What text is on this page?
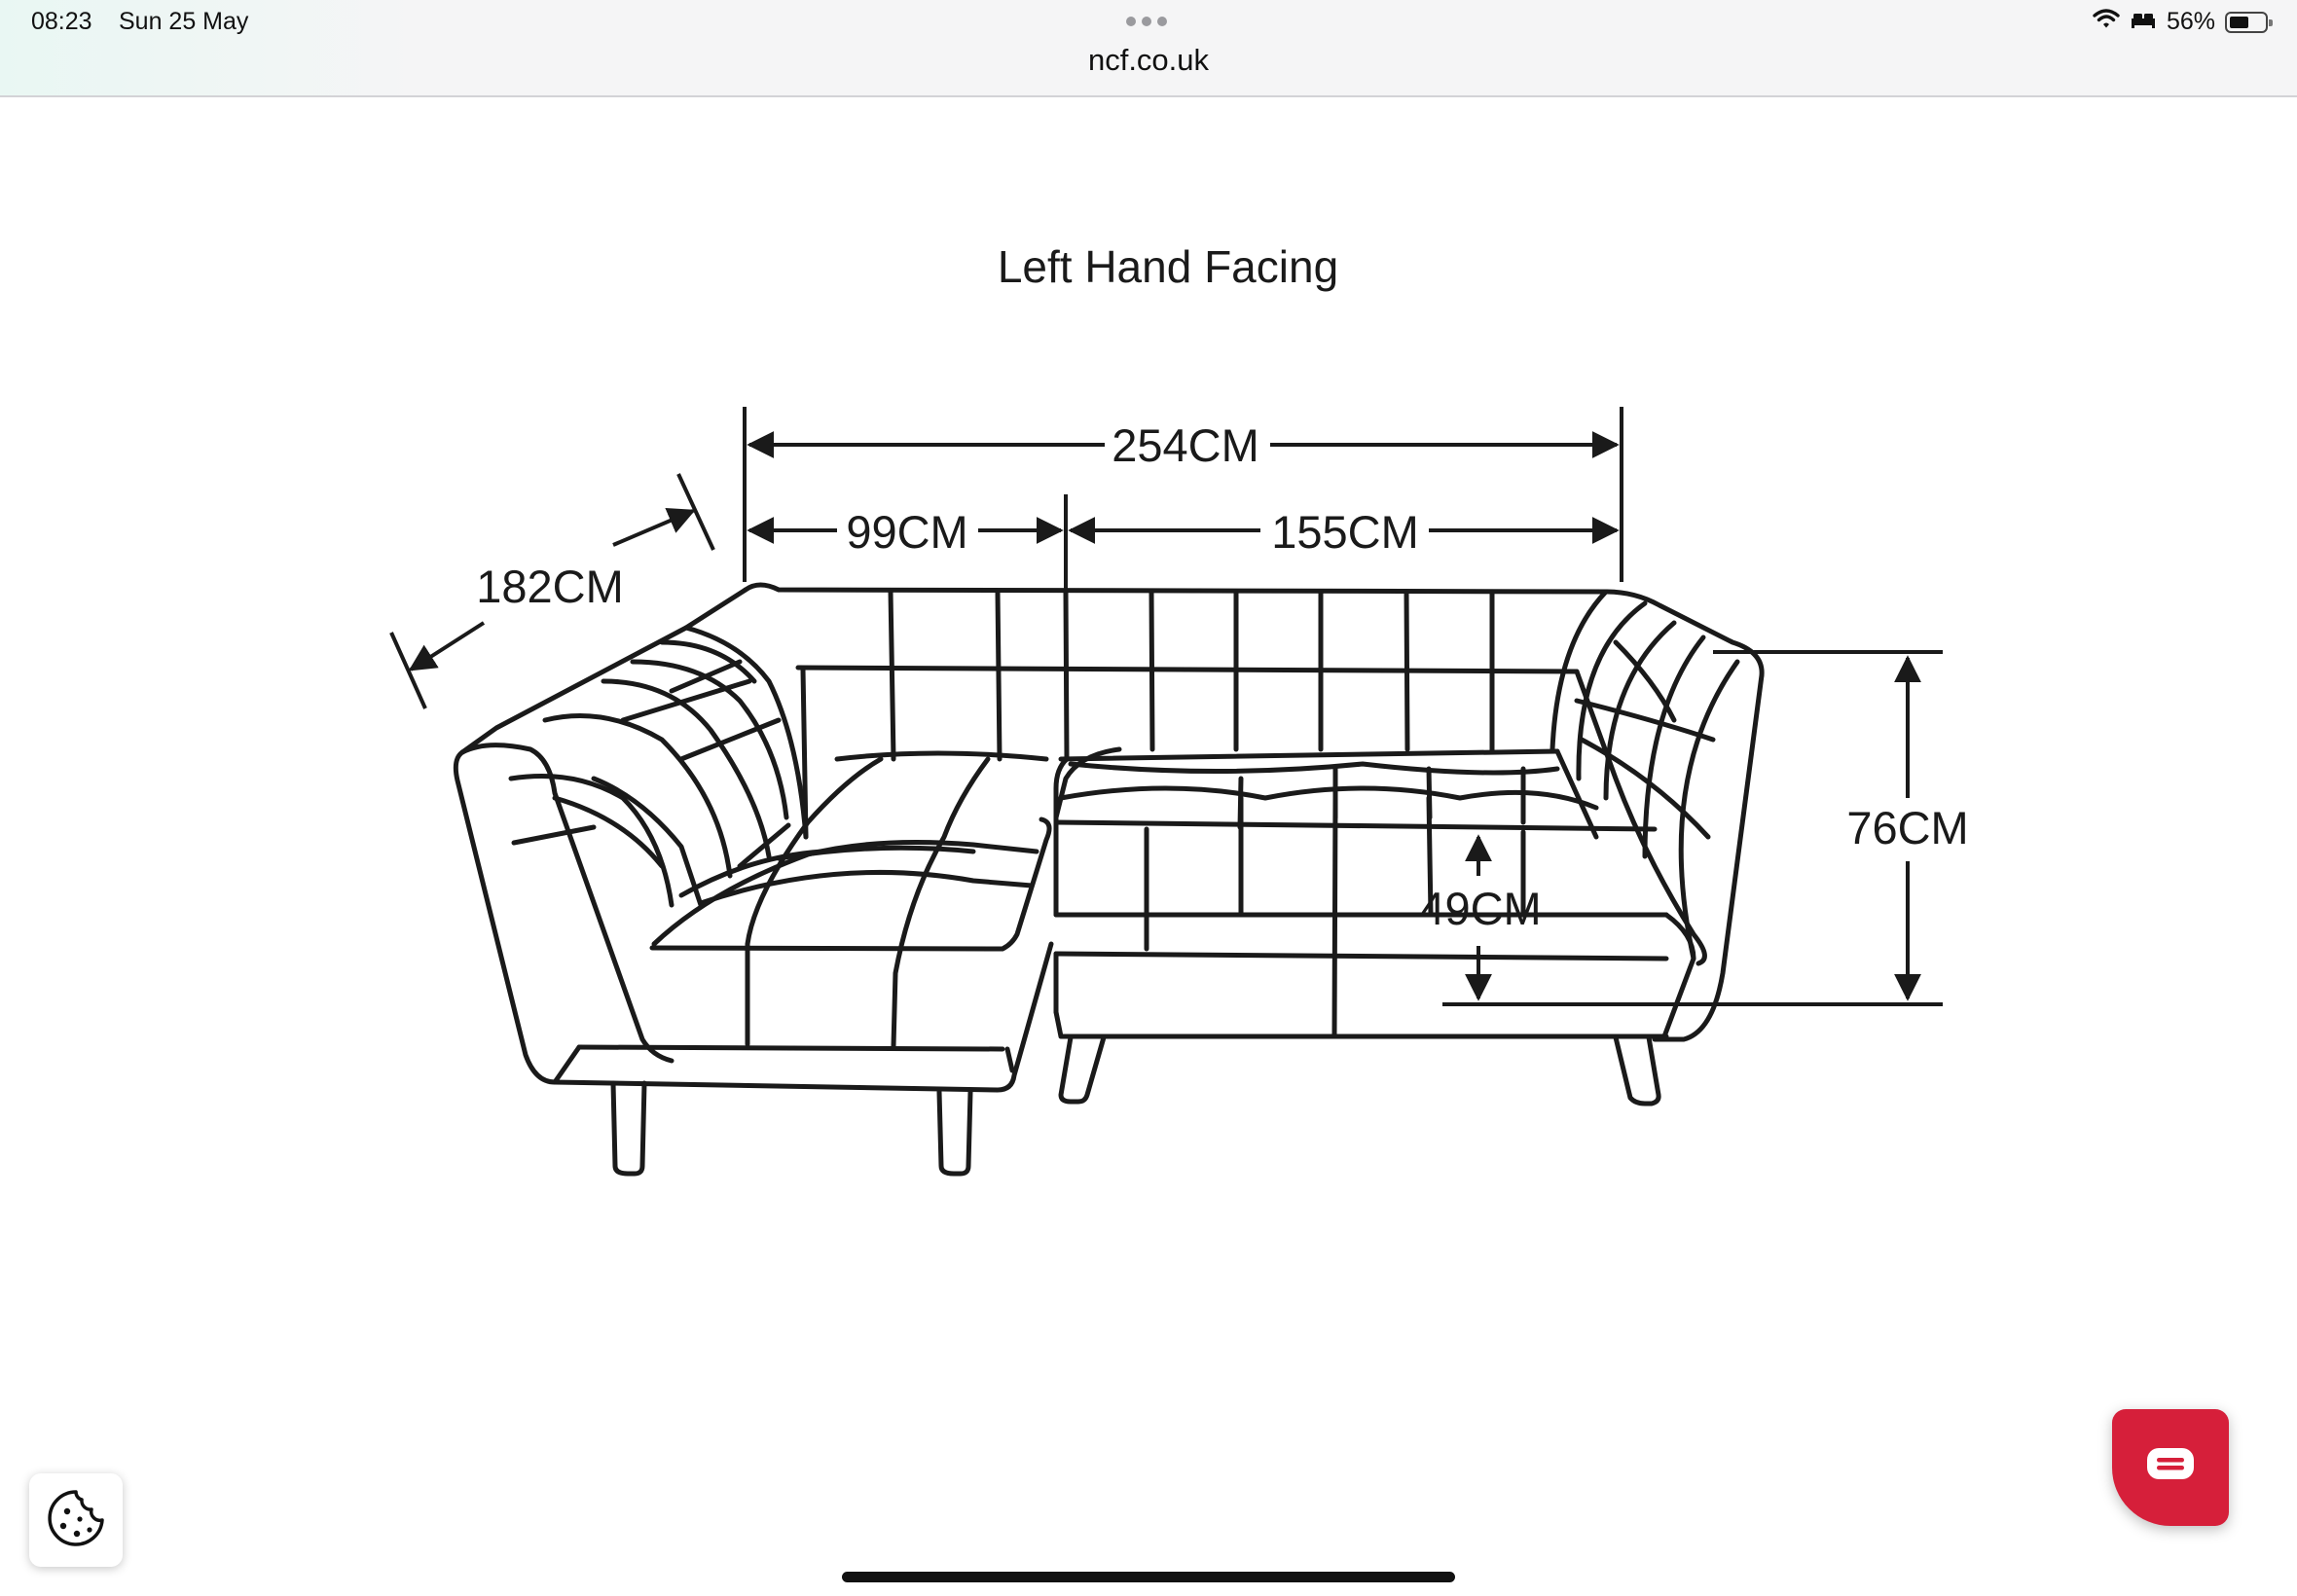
08:23 Sun 25 May
ncf.co.uk
56%
Left Hand Facing
254CM
99CM	155CM
182CM
76CM
49CM
